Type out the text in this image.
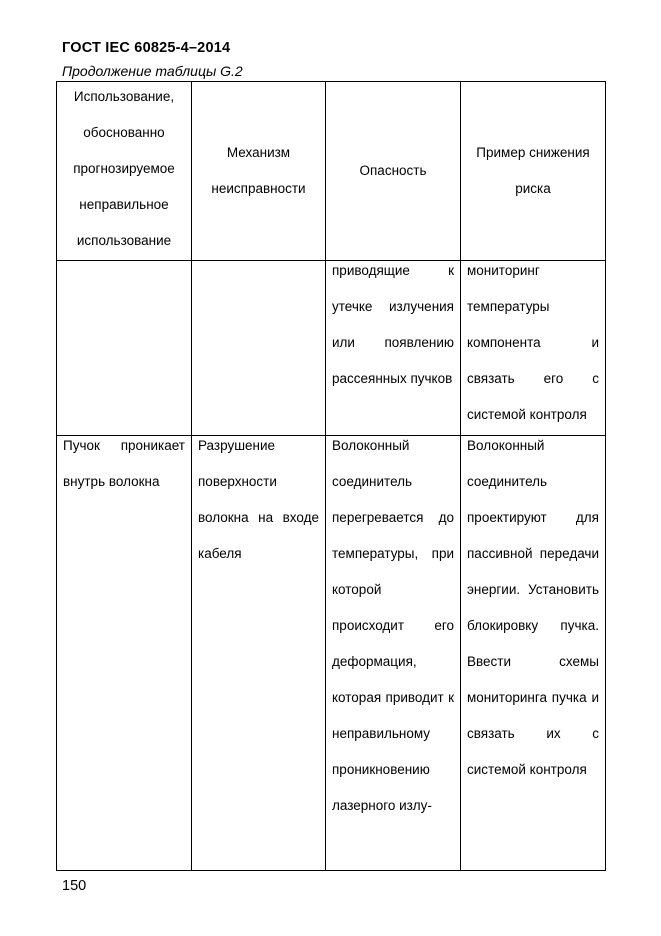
ГОСТ IEC 60825-4–2014
Продолжение таблицы G.2
Использование, обоснованно прогнозируемое неправильное использование	Механизм неисправности	Опасность	Пример снижения риска

		приводящие к утечке излучения или появлению рассеянных пучков	мониторинг температуры компонента и связать его с системой контроля

Пучок проникает внутрь волокна	Разрушение поверхности волокна на входе кабеля	Волоконный соединитель перегревается до температуры, при которой происходит его деформация, которая приводит к неправильному проникновению лазерного излу-	Волоконный соединитель проектируют для пассивной передачи энергии. Установить блокировку пучка. Ввести схемы мониторинга пучка и связать их с системой контроля
150
